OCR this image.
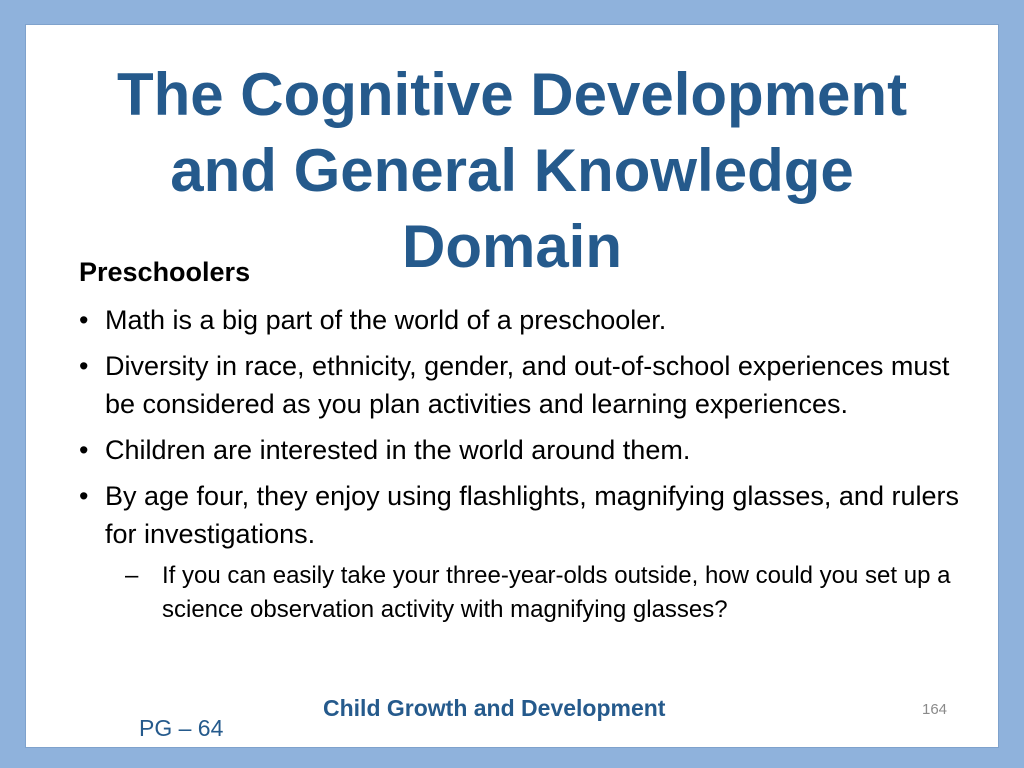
The Cognitive Development
and General Knowledge
Domain

Preschoolers

• Math is a big part of the world of a preschooler.
• Diversity in race, ethnicity, gender, and out-of-school experiences must be considered as you plan activities and learning experiences.
• Children are interested in the world around them.
• By age four, they enjoy using flashlights, magnifying glasses, and rulers for investigations.
– If you can easily take your three-year-olds outside, how could you set up a science observation activity with magnifying glasses?

Child Growth and Development	164

PG – 64
